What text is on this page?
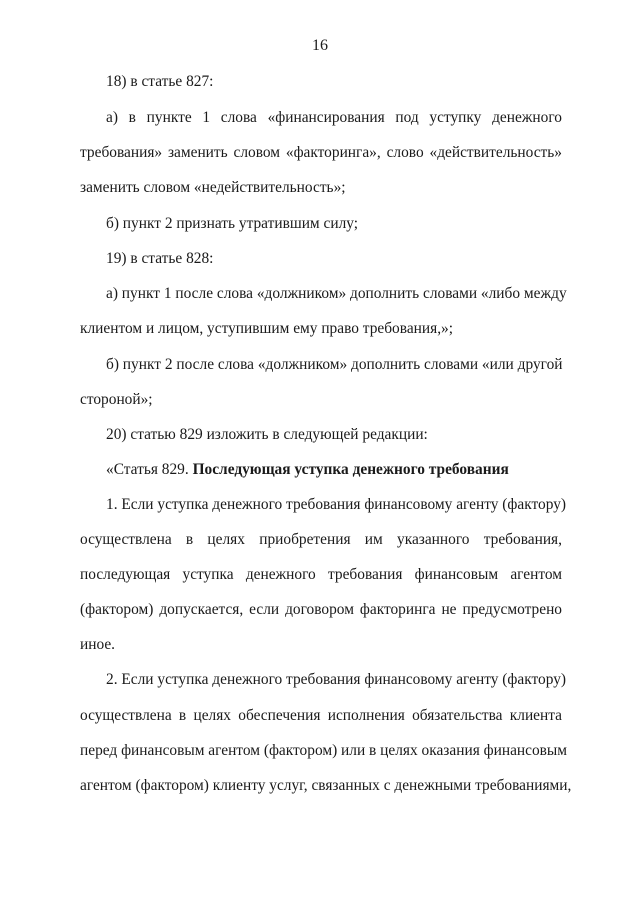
16
18) в статье 827:
а) в пункте 1 слова «финансирования под уступку денежного
требования» заменить словом «факторинга», слово «действительность»
заменить словом «недействительность»;
б) пункт 2 признать утратившим силу;
19) в статье 828:
а) пункт 1 после слова «должником» дополнить словами «либо между
клиентом и лицом, уступившим ему право требования,»;
б) пункт 2 после слова «должником» дополнить словами «или другой
стороной»;
20) статью 829 изложить в следующей редакции:
«Статья 829. Последующая уступка денежного требования
1. Если уступка денежного требования финансовому агенту (фактору)
осуществлена в целях приобретения им указанного требования,
последующая уступка денежного требования финансовым агентом
(фактором) допускается, если договором факторинга не предусмотрено
иное.
2. Если уступка денежного требования финансовому агенту (фактору)
осуществлена в целях обеспечения исполнения обязательства клиента
перед финансовым агентом (фактором) или в целях оказания финансовым
агентом (фактором) клиенту услуг, связанных с денежными требованиями,
